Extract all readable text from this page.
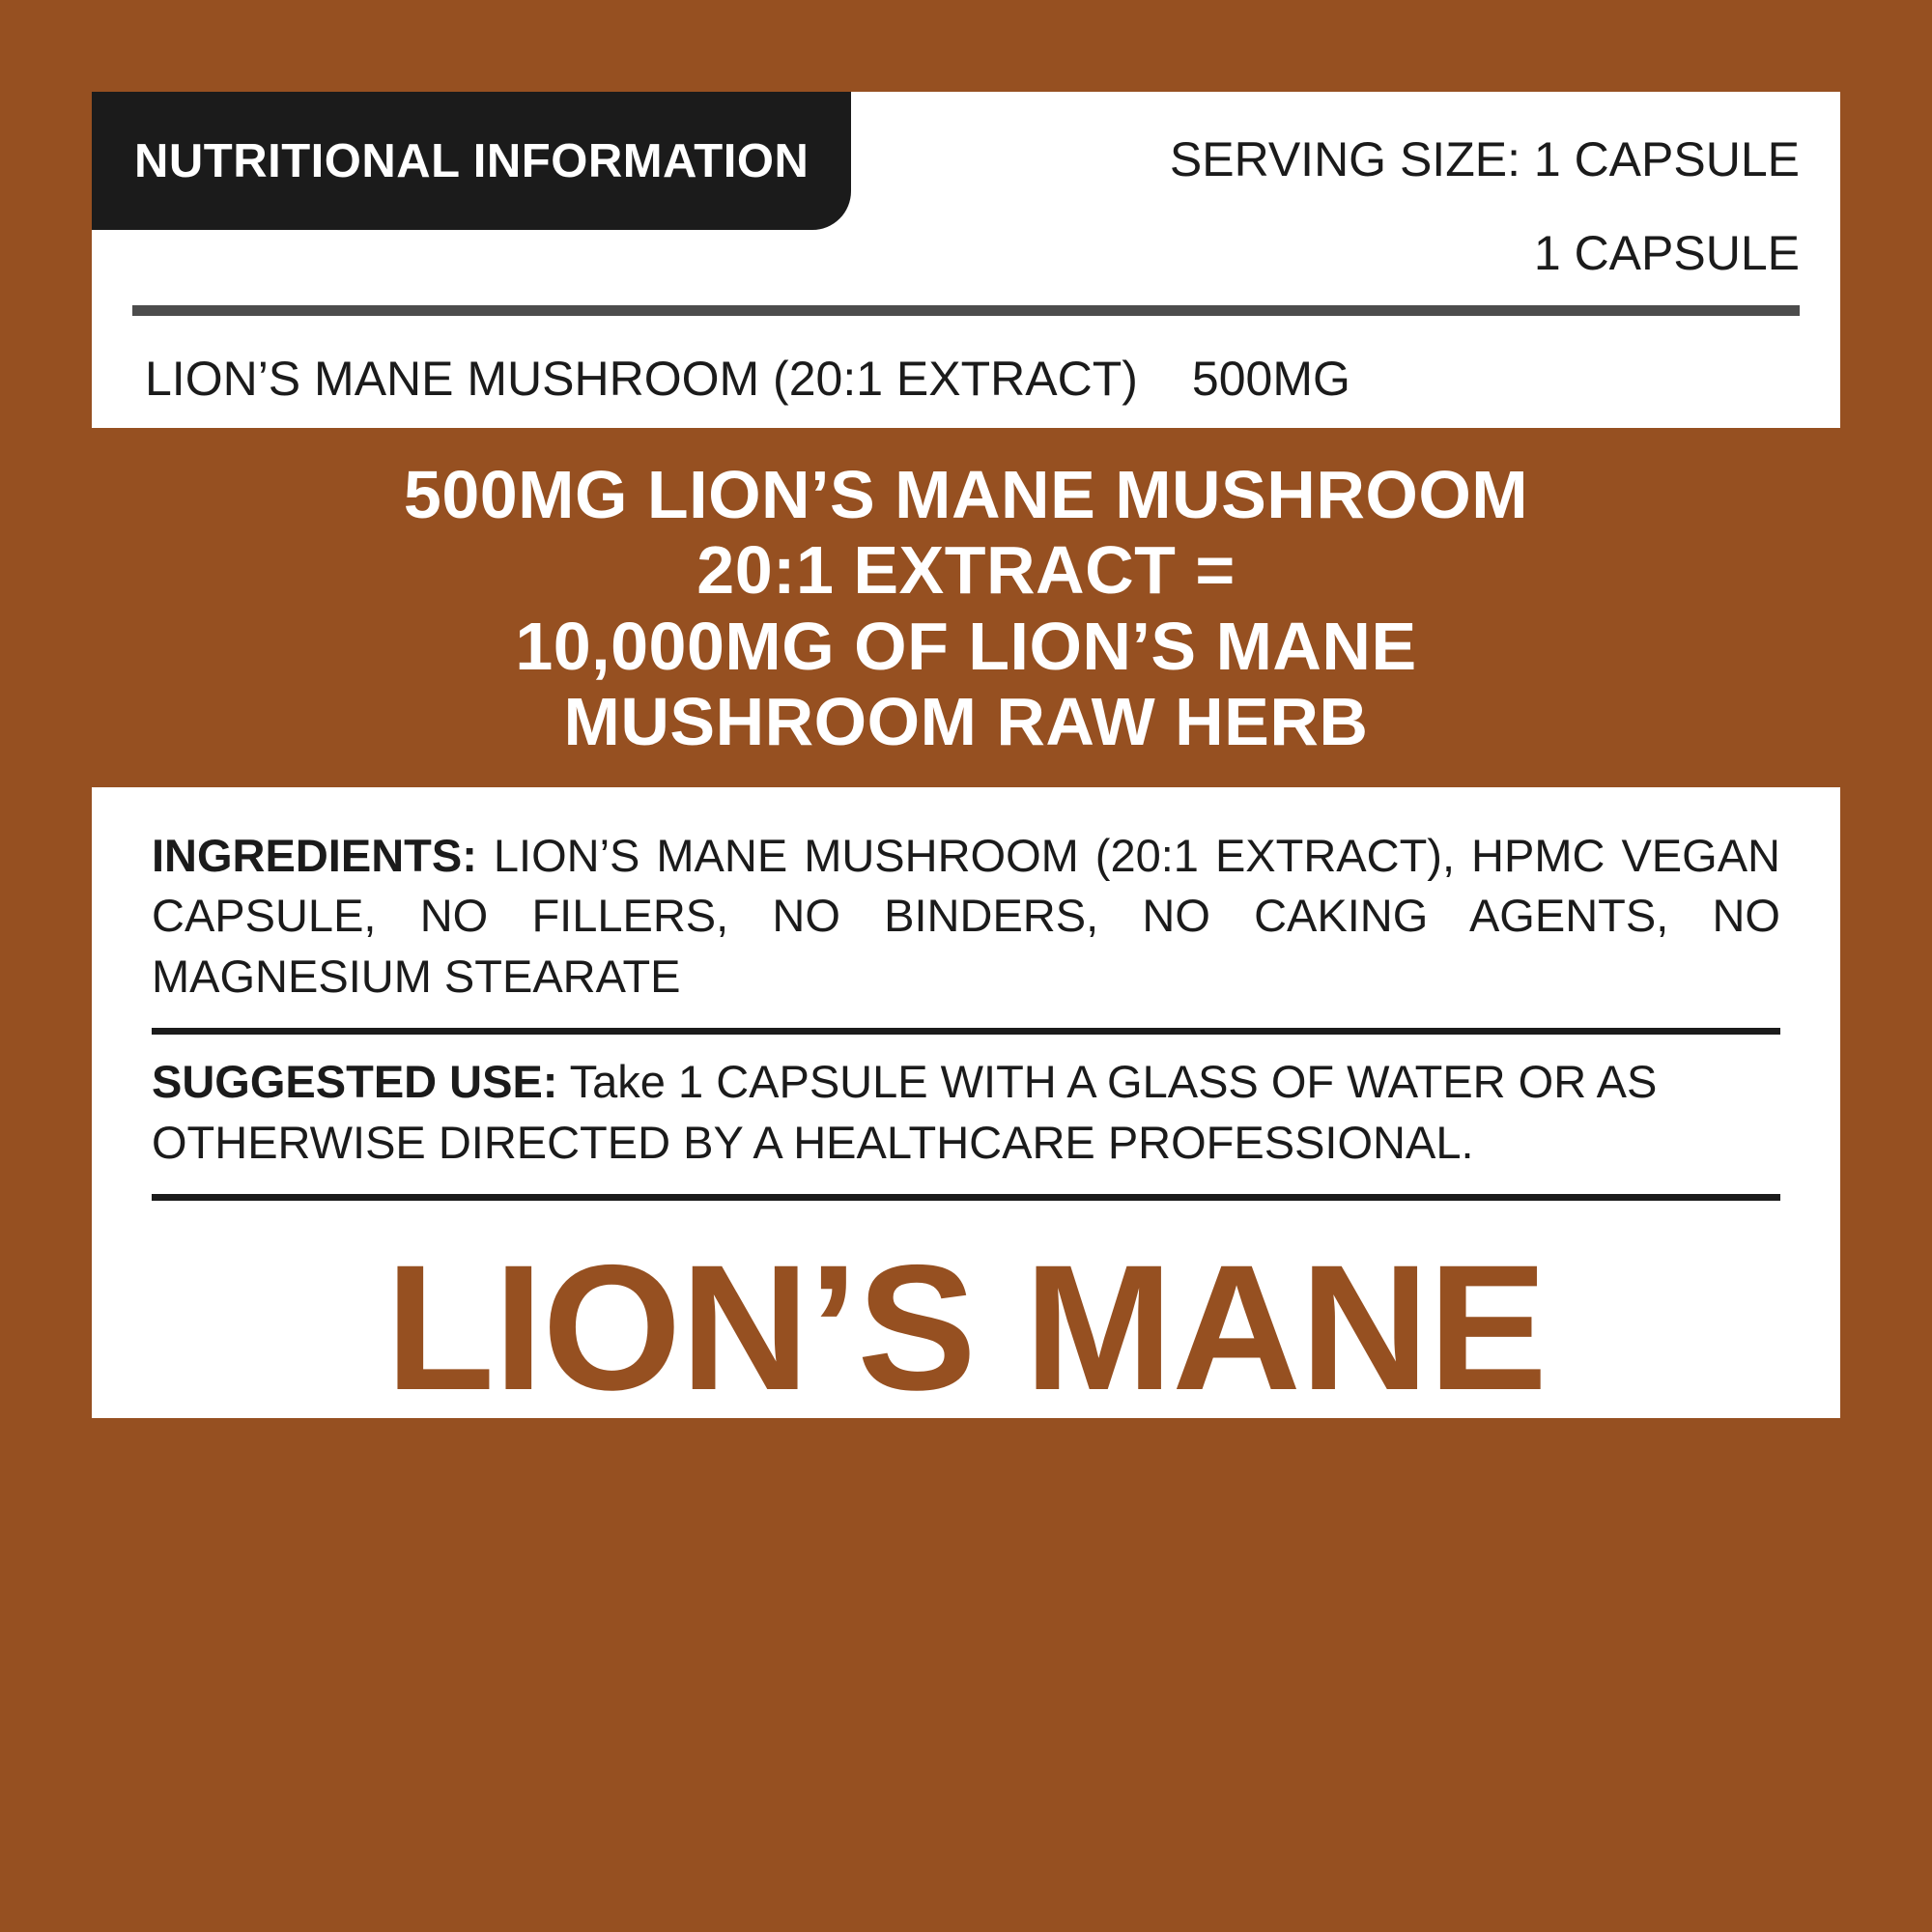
NUTRITIONAL INFORMATION	SERVING SIZE: 1 CAPSULE
1 CAPSULE
LION’S MANE MUSHROOM (20:1 EXTRACT) 500MG
500MG LION’S MANE MUSHROOM
20:1 EXTRACT =
10,000MG OF LION’S MANE
MUSHROOM RAW HERB
INGREDIENTS: LION’S MANE MUSHROOM (20:1 EXTRACT), HPMC VEGAN CAPSULE, NO FILLERS, NO BINDERS, NO CAKING AGENTS, NO MAGNESIUM STEARATE
SUGGESTED USE: Take 1 CAPSULE WITH A GLASS OF WATER OR AS OTHERWISE DIRECTED BY A HEALTHCARE PROFESSIONAL.
LION’S MANE
